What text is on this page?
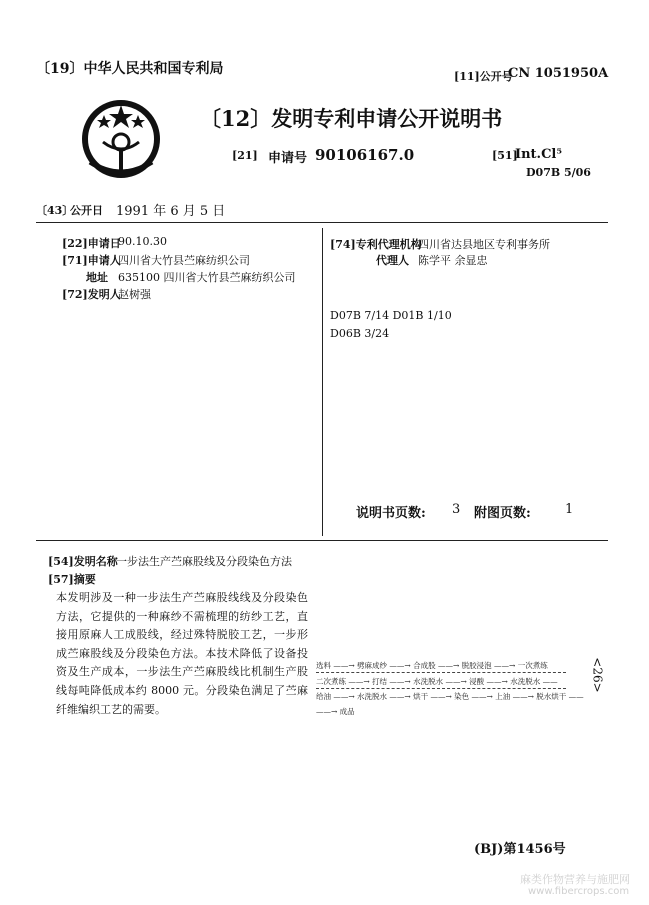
〔19〕中华人民共和国专利局	[11]公开号
CN 1051950A
〔12〕发明专利申请公开说明书
[21] 申请号 90106167.0	[51]
Int.Cl⁵
D07B 5/06
〔43〕
公开日 1991 年 6 月 5 日
[22]申请日
90.10.30
[71]申请人
四川省大竹县苎麻纺织公司
地址 635100 四川省大竹县苎麻纺织公司
[72]发明人
赵树强
[74]专利代理机构
四川省达县地区专利事务所
代理人 陈学平 余显忠
D07B 7/14 D01B 1/10
D06B 3/24
说明书页数: 3 附图页数:	1
[54]发明名称
一步法生产苎麻股线及分段染色方法
[57]摘要
本发明涉及一种一步法生产苎麻股线线及分段染色方法，它提供的一种麻纱不需梳理的纺纱工艺，直接用原麻人工成股线，经过殊特脱胶工艺，一步形成苎麻股线及分段染色方法。本技术降低了设备投资及生产成本，一步法生产苎麻股线比机制生产股线每吨降低成本约 8000 元。分段染色满足了苎麻纤维编织工艺的需要。
选料 ——→ 劈麻成纱 ——→ 合成股 ——→ 脱胶浸泡 ——→ 一次煮练
二次煮练 ——→ 打结 ——→ 水洗脱水 ——→ 浸酸 ——→ 水洗脱水 ——
给油 ——→ 水洗脱水 ——→ 烘干 ——→ 染色 ——→ 上油 ——→ 脱水烘干 ——
——→ 成品
<26>
(BJ)第1456号
麻类作物营养与施肥网
www.fibercrops.com
